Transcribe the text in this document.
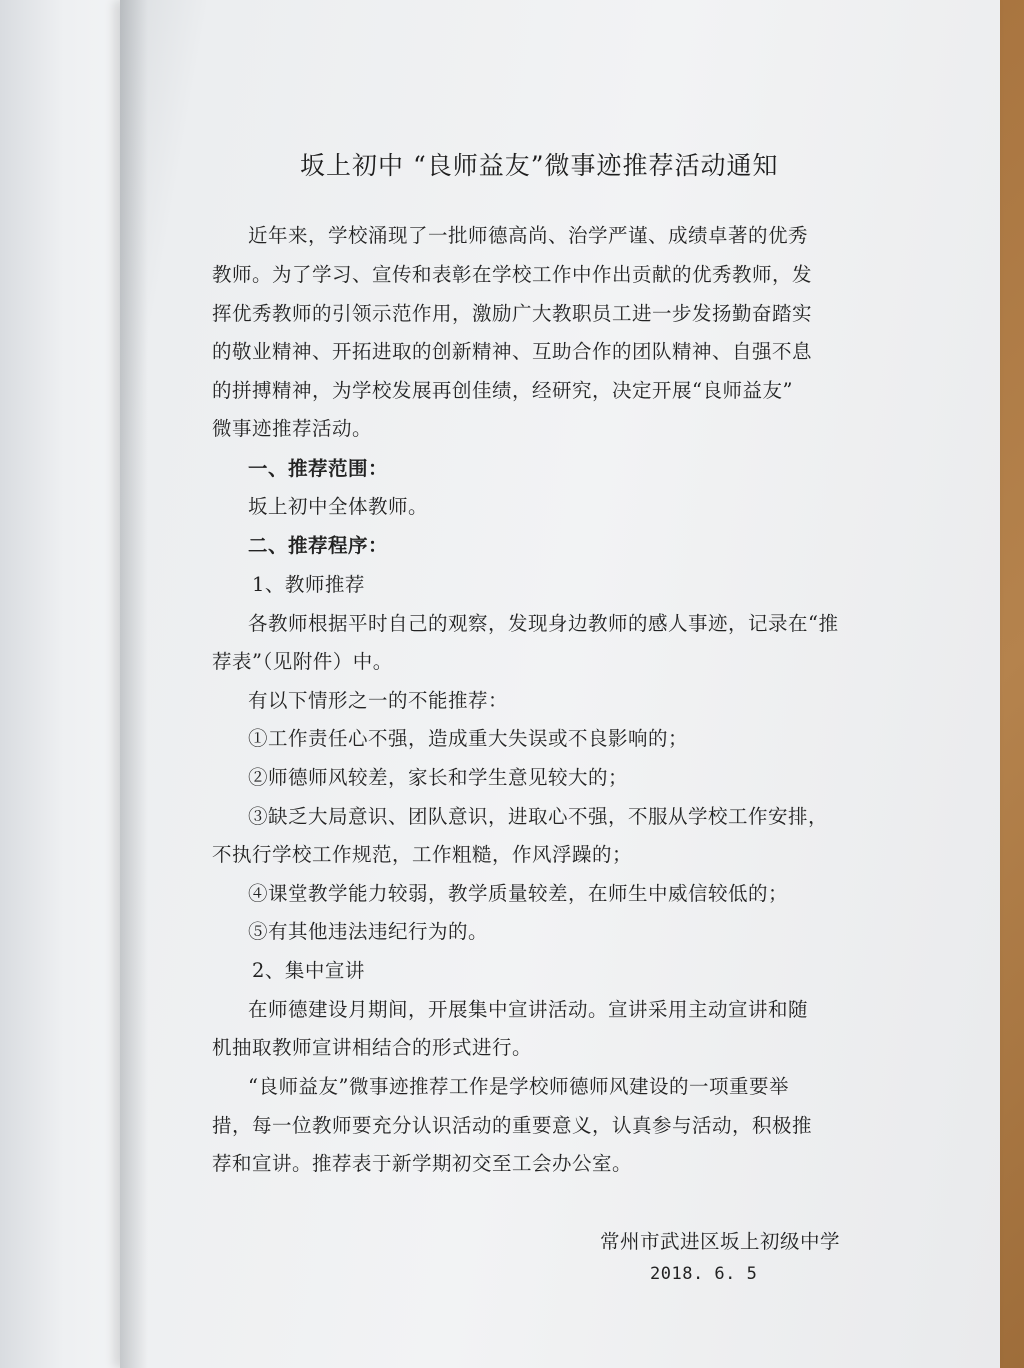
坂上初中 “良师益友”微事迹推荐活动通知
近年来，学校涌现了一批师德高尚、治学严谨、成绩卓著的优秀
教师。为了学习、宣传和表彰在学校工作中作出贡献的优秀教师，发
挥优秀教师的引领示范作用，激励广大教职员工进一步发扬勤奋踏实
的敬业精神、开拓进取的创新精神、互助合作的团队精神、自强不息
的拼搏精神，为学校发展再创佳绩，经研究，决定开展“良师益友”
微事迹推荐活动。
一、推荐范围：
坂上初中全体教师。
二、推荐程序：
1、教师推荐
各教师根据平时自己的观察，发现身边教师的感人事迹，记录在“推
荐表”（见附件）中。
有以下情形之一的不能推荐：
①工作责任心不强，造成重大失误或不良影响的；
②师德师风较差，家长和学生意见较大的；
③缺乏大局意识、团队意识，进取心不强，不服从学校工作安排，
不执行学校工作规范，工作粗糙，作风浮躁的；
④课堂教学能力较弱，教学质量较差，在师生中威信较低的；
⑤有其他违法违纪行为的。
2、集中宣讲
在师德建设月期间，开展集中宣讲活动。宣讲采用主动宣讲和随
机抽取教师宣讲相结合的形式进行。
“良师益友”微事迹推荐工作是学校师德师风建设的一项重要举
措，每一位教师要充分认识活动的重要意义，认真参与活动，积极推
荐和宣讲。推荐表于新学期初交至工会办公室。
常州市武进区坂上初级中学
2018. 6. 5
